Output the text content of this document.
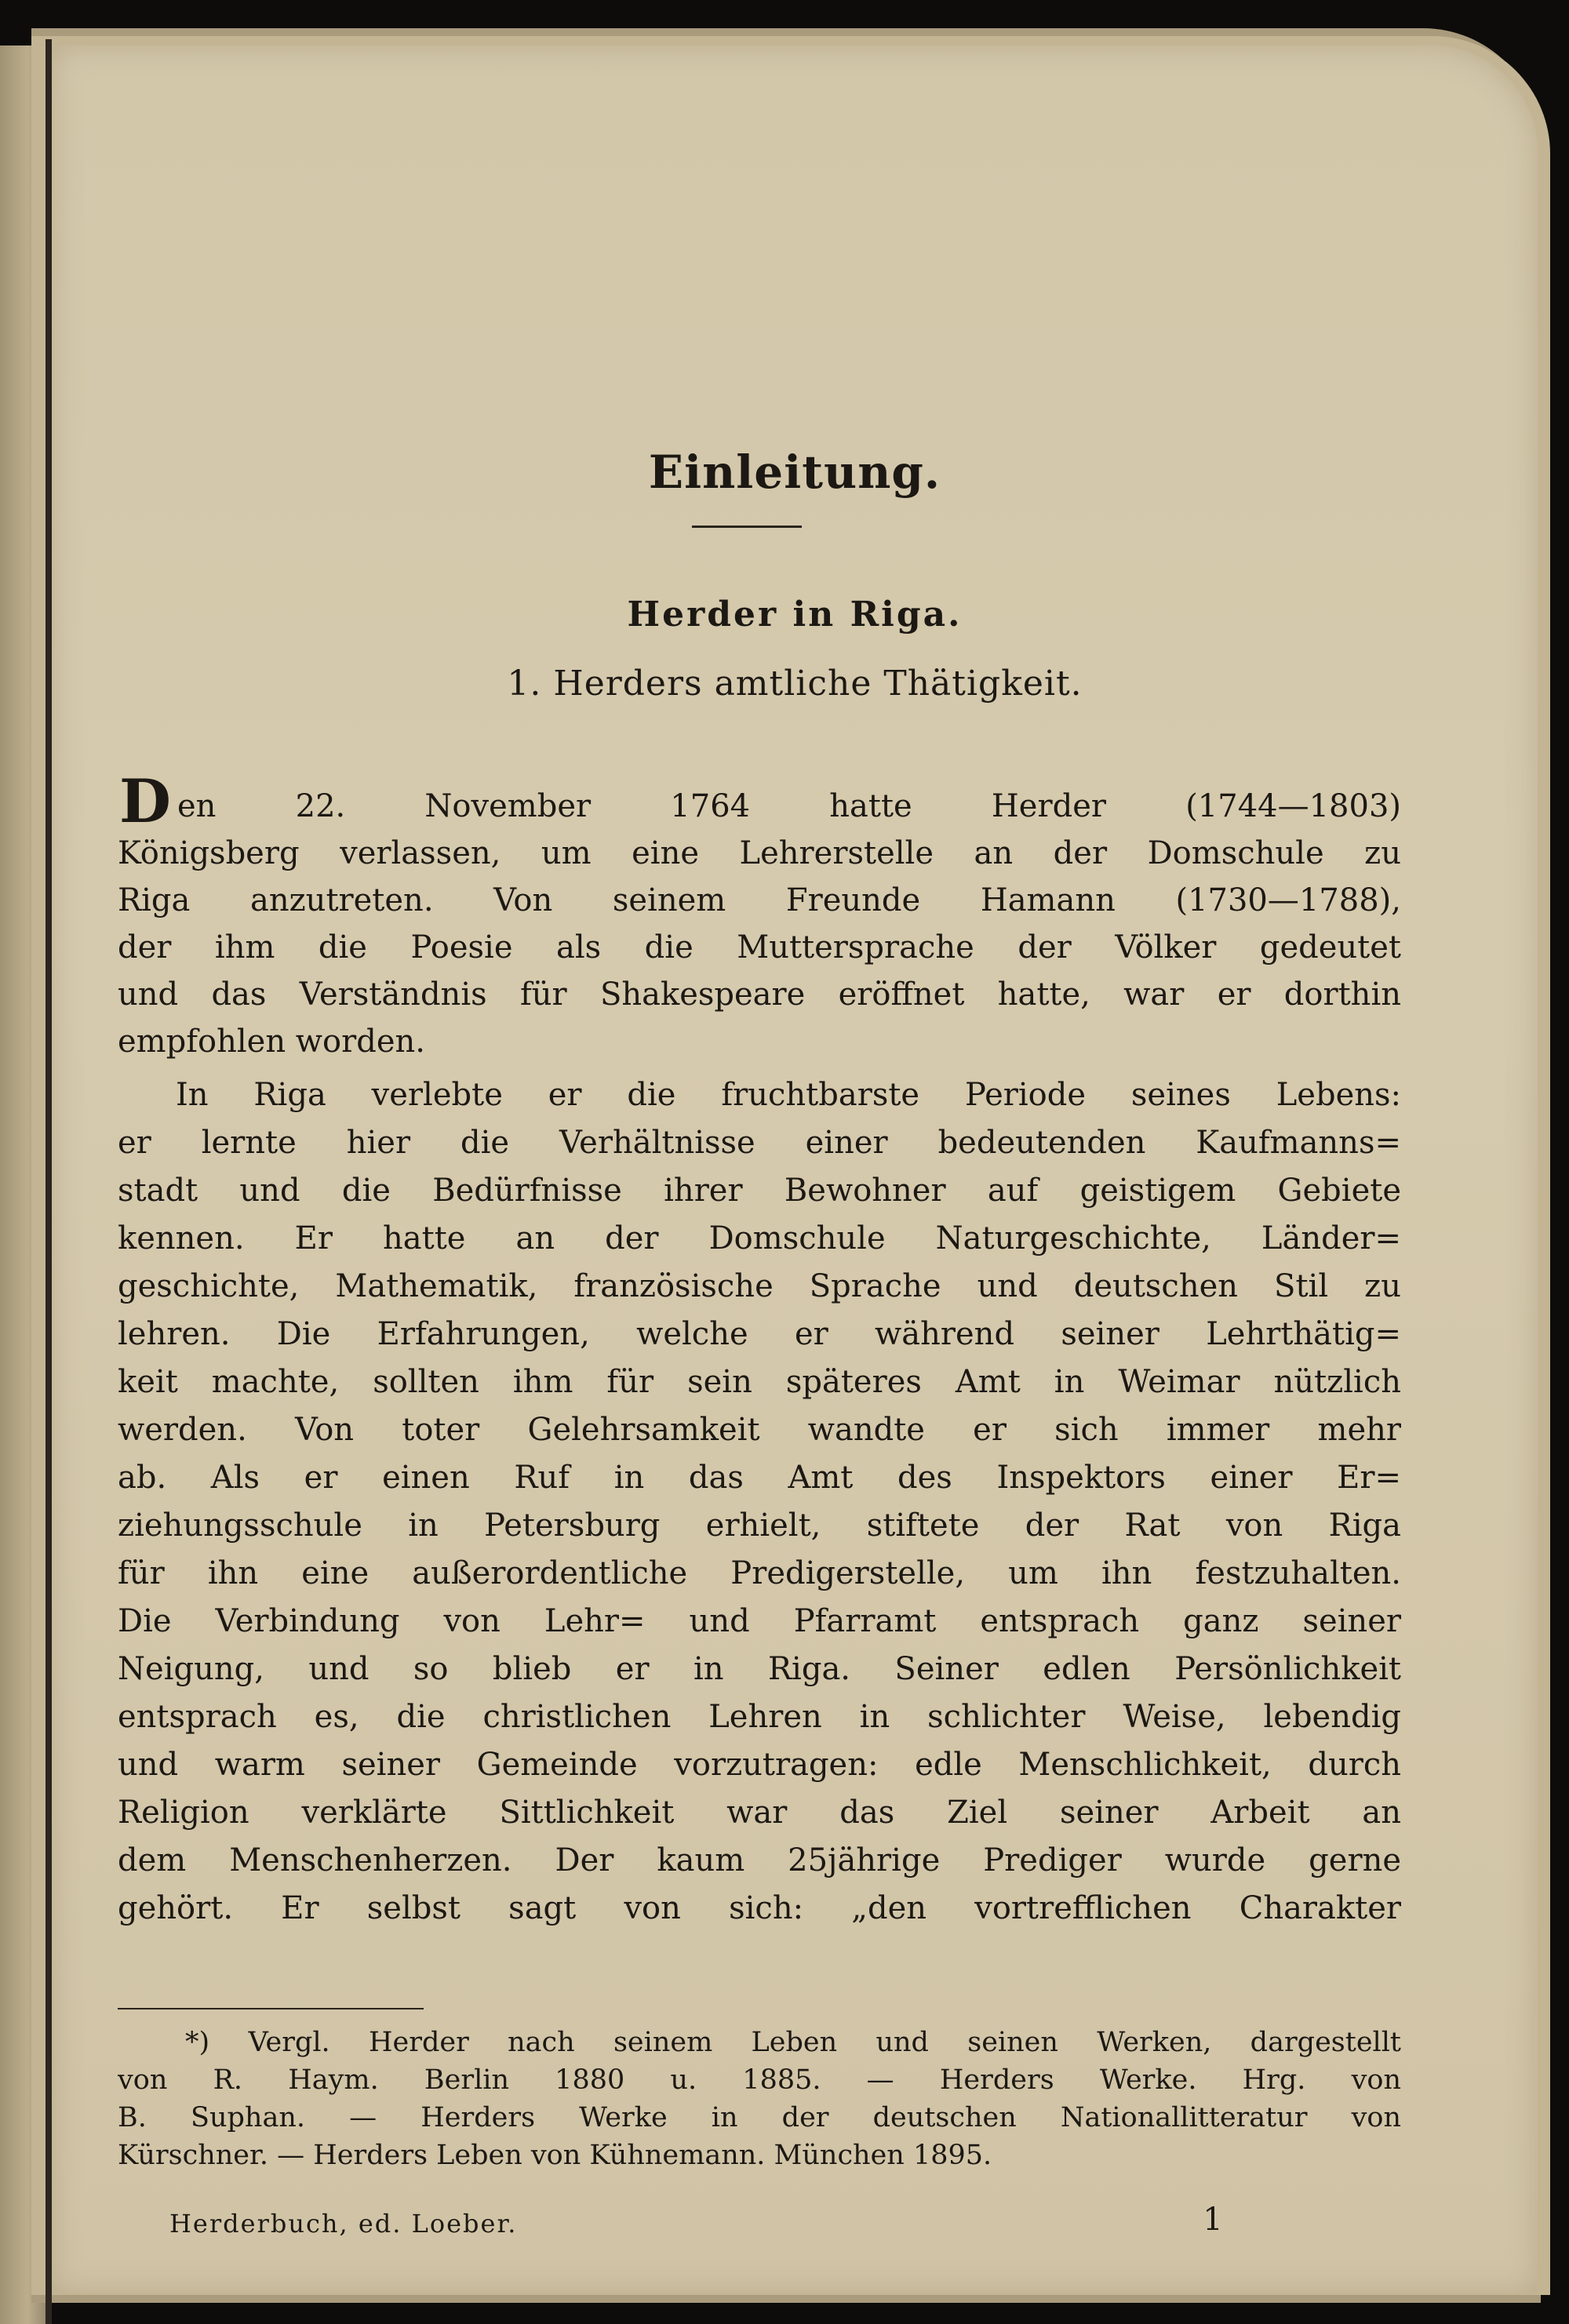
Einleitung.
Herder in Riga.
1. Herders amtliche Thätigkeit.
D en 22. November 1764 hatte Herder (1744—1803)
Königsberg verlassen, um eine Lehrerstelle an der Domschule zu
Riga anzutreten. Von seinem Freunde Hamann (1730—1788),
der ihm die Poesie als die Muttersprache der Völker gedeutet
und das Verständnis für Shakespeare eröffnet hatte, war er dorthin
empfohlen worden.
In Riga verlebte er die fruchtbarste Periode seines Lebens:
er lernte hier die Verhältnisse einer bedeutenden Kaufmanns=
stadt und die Bedürfnisse ihrer Bewohner auf geistigem Gebiete
kennen. Er hatte an der Domschule Naturgeschichte, Länder=
geschichte, Mathematik, französische Sprache und deutschen Stil zu
lehren. Die Erfahrungen, welche er während seiner Lehrthätig=
keit machte, sollten ihm für sein späteres Amt in Weimar nützlich
werden. Von toter Gelehrsamkeit wandte er sich immer mehr
ab. Als er einen Ruf in das Amt des Inspektors einer Er=
ziehungsschule in Petersburg erhielt, stiftete der Rat von Riga
für ihn eine außerordentliche Predigerstelle, um ihn festzuhalten.
Die Verbindung von Lehr= und Pfarramt entsprach ganz seiner
Neigung, und so blieb er in Riga. Seiner edlen Persönlichkeit
entsprach es, die christlichen Lehren in schlichter Weise, lebendig
und warm seiner Gemeinde vorzutragen: edle Menschlichkeit, durch
Religion verklärte Sittlichkeit war das Ziel seiner Arbeit an
dem Menschenherzen. Der kaum 25jährige Prediger wurde gerne
gehört. Er selbst sagt von sich: „den vortrefflichen Charakter
*) Vergl. Herder nach seinem Leben und seinen Werken, dargestellt
von R. Haym. Berlin 1880 u. 1885. — Herders Werke. Hrg. von
B. Suphan. — Herders Werke in der deutschen Nationallitteratur von
Kürschner. — Herders Leben von Kühnemann. München 1895.
Herderbuch, ed. Loeber.	1
